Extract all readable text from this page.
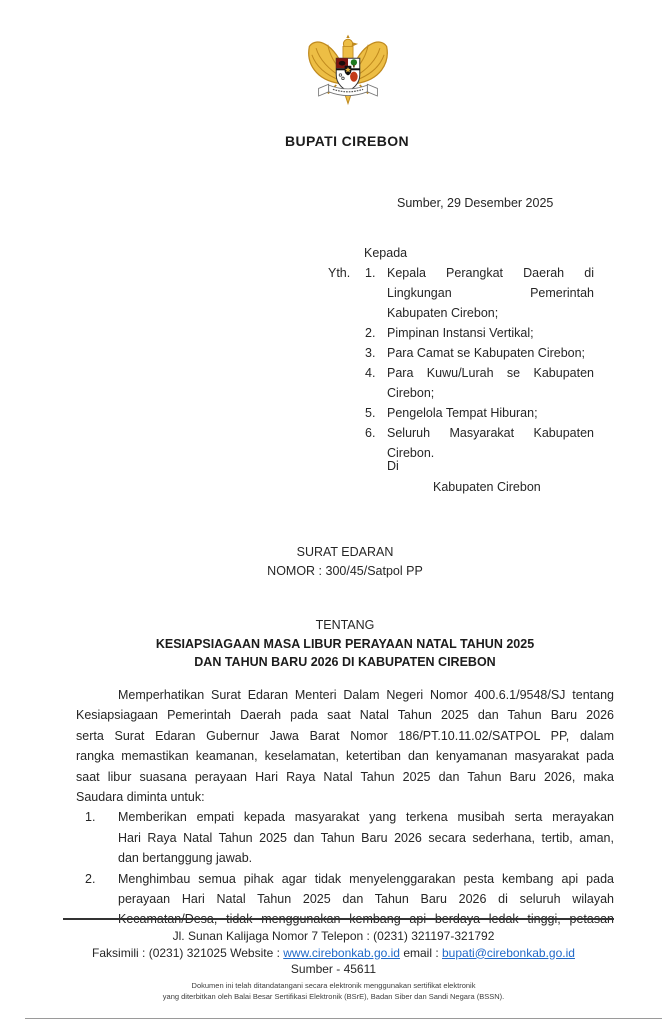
BUPATI CIREBON
Sumber, 29 Desember 2025
Kepada
Yth.	1. Kepala Perangkat Daerah di
Lingkungan Pemerintah
Kabupaten Cirebon;
2. Pimpinan Instansi Vertikal;
3. Para Camat se Kabupaten Cirebon;
4. Para Kuwu/Lurah se Kabupaten
Cirebon;
5. Pengelola Tempat Hiburan;
6. Seluruh Masyarakat Kabupaten
Cirebon.
Di
Kabupaten Cirebon
SURAT EDARAN
NOMOR : 300/45/Satpol PP
TENTANG
KESIAPSIAGAAN MASA LIBUR PERAYAAN NATAL TAHUN 2025
DAN TAHUN BARU 2026 DI KABUPATEN CIREBON
Memperhatikan Surat Edaran Menteri Dalam Negeri Nomor 400.6.1/9548/SJ tentang
Kesiapsiagaan Pemerintah Daerah pada saat Natal Tahun 2025 dan Tahun Baru 2026
serta Surat Edaran Gubernur Jawa Barat Nomor 186/PT.10.11.02/SATPOL PP, dalam
rangka memastikan keamanan, keselamatan, ketertiban dan kenyamanan masyarakat pada
saat libur suasana perayaan Hari Raya Natal Tahun 2025 dan Tahun Baru 2026, maka
Saudara diminta untuk:
1.	Memberikan empati kepada masyarakat yang terkena musibah serta merayakan
Hari Raya Natal Tahun 2025 dan Tahun Baru 2026 secara sederhana, tertib, aman,
dan bertanggung jawab.
2.	Menghimbau semua pihak agar tidak menyelenggarakan pesta kembang api pada
perayaan Hari Natal Tahun 2025 dan Tahun Baru 2026 di seluruh wilayah
Jl. Sunan Kalijaga Nomor 7 Telepon : (0231) 321197-321792
Faksimili : (0231) 321025 Website : www.cirebonkab.go.id email : bupati@cirebonkab.go.id
Sumber - 45611
Dokumen ini telah ditandatangani secara elektronik menggunakan sertifikat elektronik
yang diterbitkan oleh Balai Besar Sertifikasi Elektronik (BSrE), Badan Siber dan Sandi Negara (BSSN).
